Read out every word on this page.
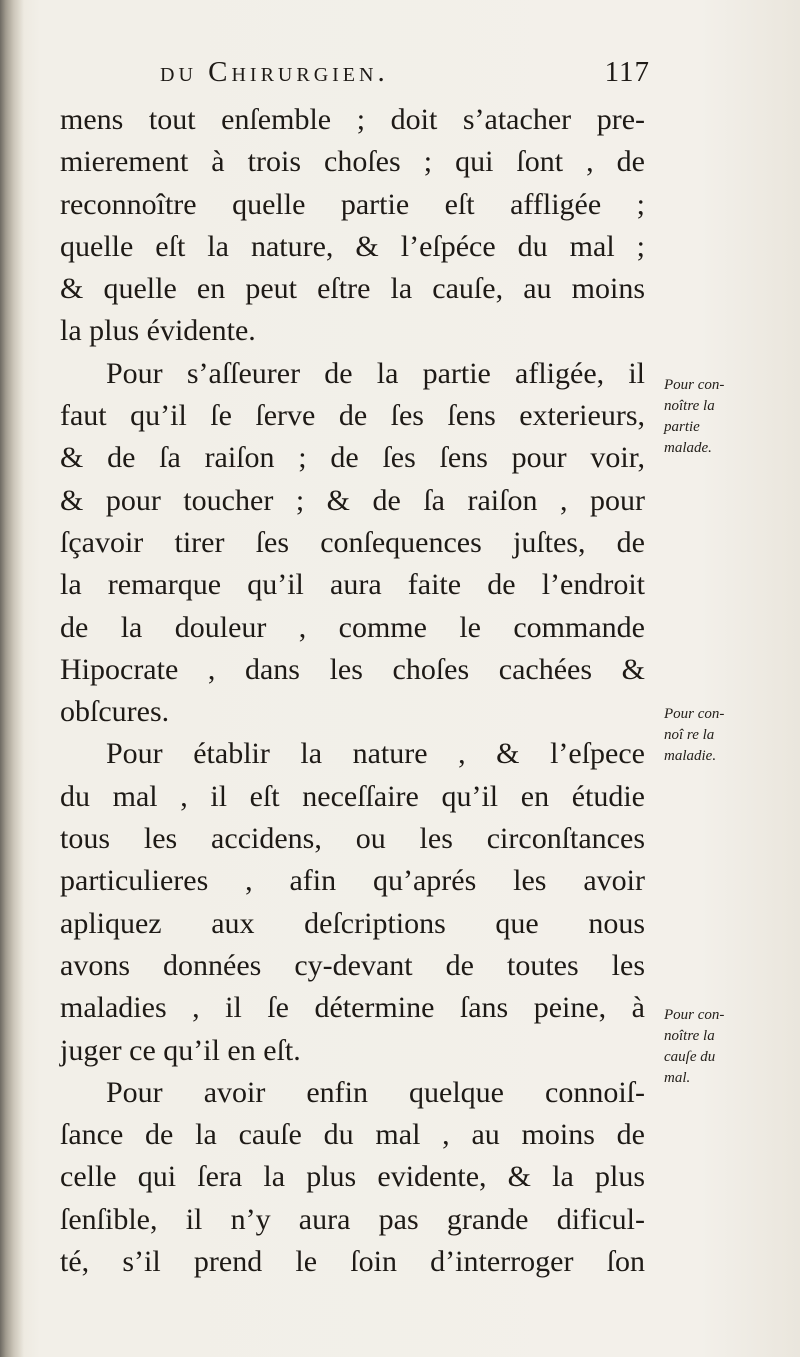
du Chirurgien.	117
mens tout enſemble ; doit s’atacher pre-
mierement à trois choſes ; qui ſont , de
reconnoître quelle partie eſt affligée ;
quelle eſt la nature, & l’eſpéce du mal ;
& quelle en peut eſtre la cauſe, au moins
la plus évidente.
Pour s’aſſeurer de la partie afligée, il
faut qu’il ſe ſerve de ſes ſens exterieurs,
& de ſa raiſon ; de ſes ſens pour voir,
& pour toucher ; & de ſa raiſon , pour
ſçavoir tirer ſes conſequences juſtes, de
la remarque qu’il aura faite de l’endroit
de la douleur , comme le commande
Hipocrate , dans les choſes cachées &
obſcures.
Pour établir la nature , & l’eſpece
du mal , il eſt neceſſaire qu’il en étudie
tous les accidens, ou les circonſtances
particulieres , afin qu’aprés les avoir
apliquez aux deſcriptions que nous
avons données cy-devant de toutes les
maladies , il ſe détermine ſans peine, à
juger ce qu’il en eſt.
Pour avoir enfin quelque connoiſ-
ſance de la cauſe du mal , au moins de
celle qui ſera la plus evidente, & la plus
ſenſible, il n’y aura pas grande dificul-
té, s’il prend le ſoin d’interroger ſon

Pour con-
noître la
partie
malade.

Pour con-
noî re la
maladie.

Pour con-
noître la
cauſe du
mal.
